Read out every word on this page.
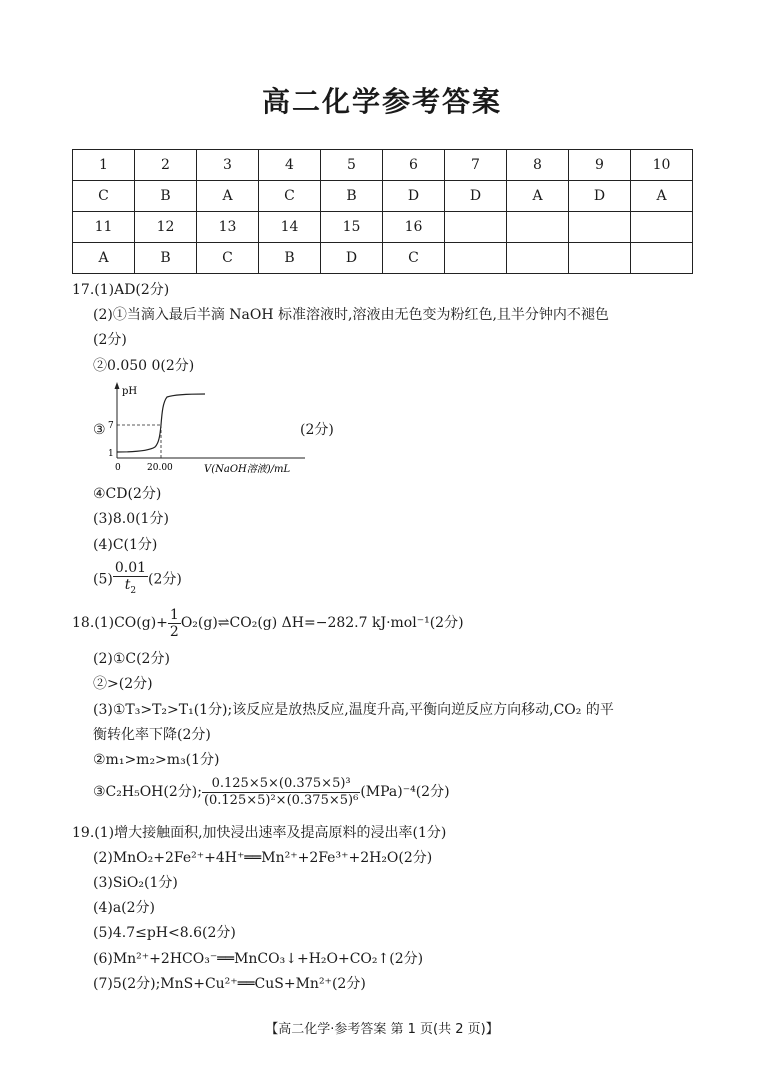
高二化学参考答案
1	2	3	4	5	6	7	8	9	10
C	B	A	C	B	D	D	A	D	A
11	12	13	14	15	16				
A	B	C	B	D	C				
17.(1)AD(2分)
(2)①当滴入最后半滴 NaOH 标准溶液时,溶液由无色变为粉红色,且半分钟内不褪色
(2分)
②0.050 0(2分)
③
pH
7
1
0	20.00	V(NaOH溶液)/mL
(2分)
④CD(2分)
(3)8.0(1分)
(4)C(1分)
$(5) \frac{0.01}{t_2} (2$分)
$18.(1)CO(g)+ \frac{1}{2}$ O₂(g)⇌CO₂(g) ΔH=−282.7 kJ·mol⁻¹(2分)
(2)①C(2分)
②>(2分)
(3)①T₃>T₂>T₁(1分);该反应是放热反应,温度升高,平衡向逆反应方向移动,CO₂ 的平
衡转化率下降(2分)
②m₁>m₂>m₃(1分)
③C₂H₅OH(2分); $\frac{\text{0.125×5×(0.375×5)³}}{\text{(0.125×5)²×(0.375×5)⁶}} (MPa)^{-4}(2$分)
19.(1)增大接触面积,加快浸出速率及提高原料的浸出率(1分)
(2)MnO₂+2Fe²⁺+4H⁺══Mn²⁺+2Fe³⁺+2H₂O(2分)
(3)SiO₂(1分)
(4)a(2分)
(5)4.7≤pH<8.6(2分)
(6)Mn²⁺+2HCO₃⁻══MnCO₃↓+H₂O+CO₂↑(2分)
(7)5(2分);MnS+Cu²⁺══CuS+Mn²⁺(2分)
【高二化学·参考答案 第 1 页(共 2 页)】
